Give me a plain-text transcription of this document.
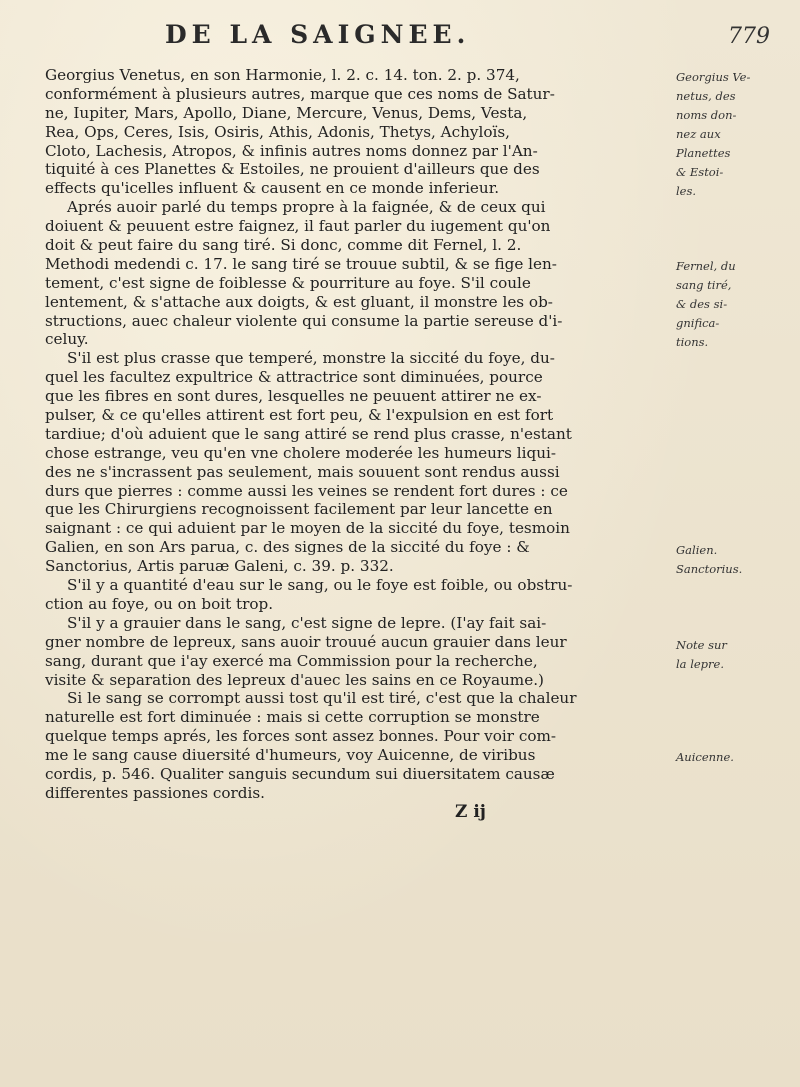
DE LA SAIGNEE.	779
Georgius Venetus, en son Harmonie, l. 2. c. 14. ton. 2. p. 374,
conformément à plusieurs autres, marque que ces noms de Satur-
ne, Iupiter, Mars, Apollo, Diane, Mercure, Venus, Dems, Vesta,
Rea, Ops, Ceres, Isis, Osiris, Athis, Adonis, Thetys, Achyloïs,
Cloto, Lachesis, Atropos, & infinis autres noms donnez par l'An-
tiquité à ces Planettes & Estoiles, ne prouient d'ailleurs que des
effects qu'icelles influent & causent en ce monde inferieur.
Aprés auoir parlé du temps propre à la faignée, & de ceux qui
doiuent & peuuent estre faignez, il faut parler du iugement qu'on
doit & peut faire du sang tiré. Si donc, comme dit Fernel, l. 2.
Methodi medendi c. 17. le sang tiré se trouue subtil, & se fige len-
tement, c'est signe de foiblesse & pourriture au foye. S'il coule
lentement, & s'attache aux doigts, & est gluant, il monstre les ob-
structions, auec chaleur violente qui consume la partie sereuse d'i-
celuy.
S'il est plus crasse que temperé, monstre la siccité du foye, du-
quel les facultez expultrice & attractrice sont diminuées, pource
que les fibres en sont dures, lesquelles ne peuuent attirer ne ex-
pulser, & ce qu'elles attirent est fort peu, & l'expulsion en est fort
tardiue; d'où aduient que le sang attiré se rend plus crasse, n'estant
chose estrange, veu qu'en vne cholere moderée les humeurs liqui-
des ne s'incrassent pas seulement, mais souuent sont rendus aussi
durs que pierres : comme aussi les veines se rendent fort dures : ce
que les Chirurgiens recognoissent facilement par leur lancette en
saignant : ce qui aduient par le moyen de la siccité du foye, tesmoin
Galien, en son Ars parua, c. des signes de la siccité du foye : &
Sanctorius, Artis paruæ Galeni, c. 39. p. 332.
S'il y a quantité d'eau sur le sang, ou le foye est foible, ou obstru-
ction au foye, ou on boit trop.
S'il y a grauier dans le sang, c'est signe de lepre. (I'ay fait sai-
gner nombre de lepreux, sans auoir trouué aucun grauier dans leur
sang, durant que i'ay exercé ma Commission pour la recherche,
visite & separation des lepreux d'auec les sains en ce Royaume.)
Si le sang se corrompt aussi tost qu'il est tiré, c'est que la chaleur
naturelle est fort diminuée : mais si cette corruption se monstre
quelque temps aprés, les forces sont assez bonnes. Pour voir com-
me le sang cause diuersité d'humeurs, voy Auicenne, de viribus
cordis, p. 546. Qualiter sanguis secundum sui diuersitatem causæ
differentes passiones cordis.
Z ij
Georgius Ve-
netus, des
noms don-
nez aux
Planettes
& Estoi-
les.
Fernel, du
sang tiré,
& des si-
gnifica-
tions.
Galien.
Sanctorius.
Note sur
la lepre.
Auicenne.
